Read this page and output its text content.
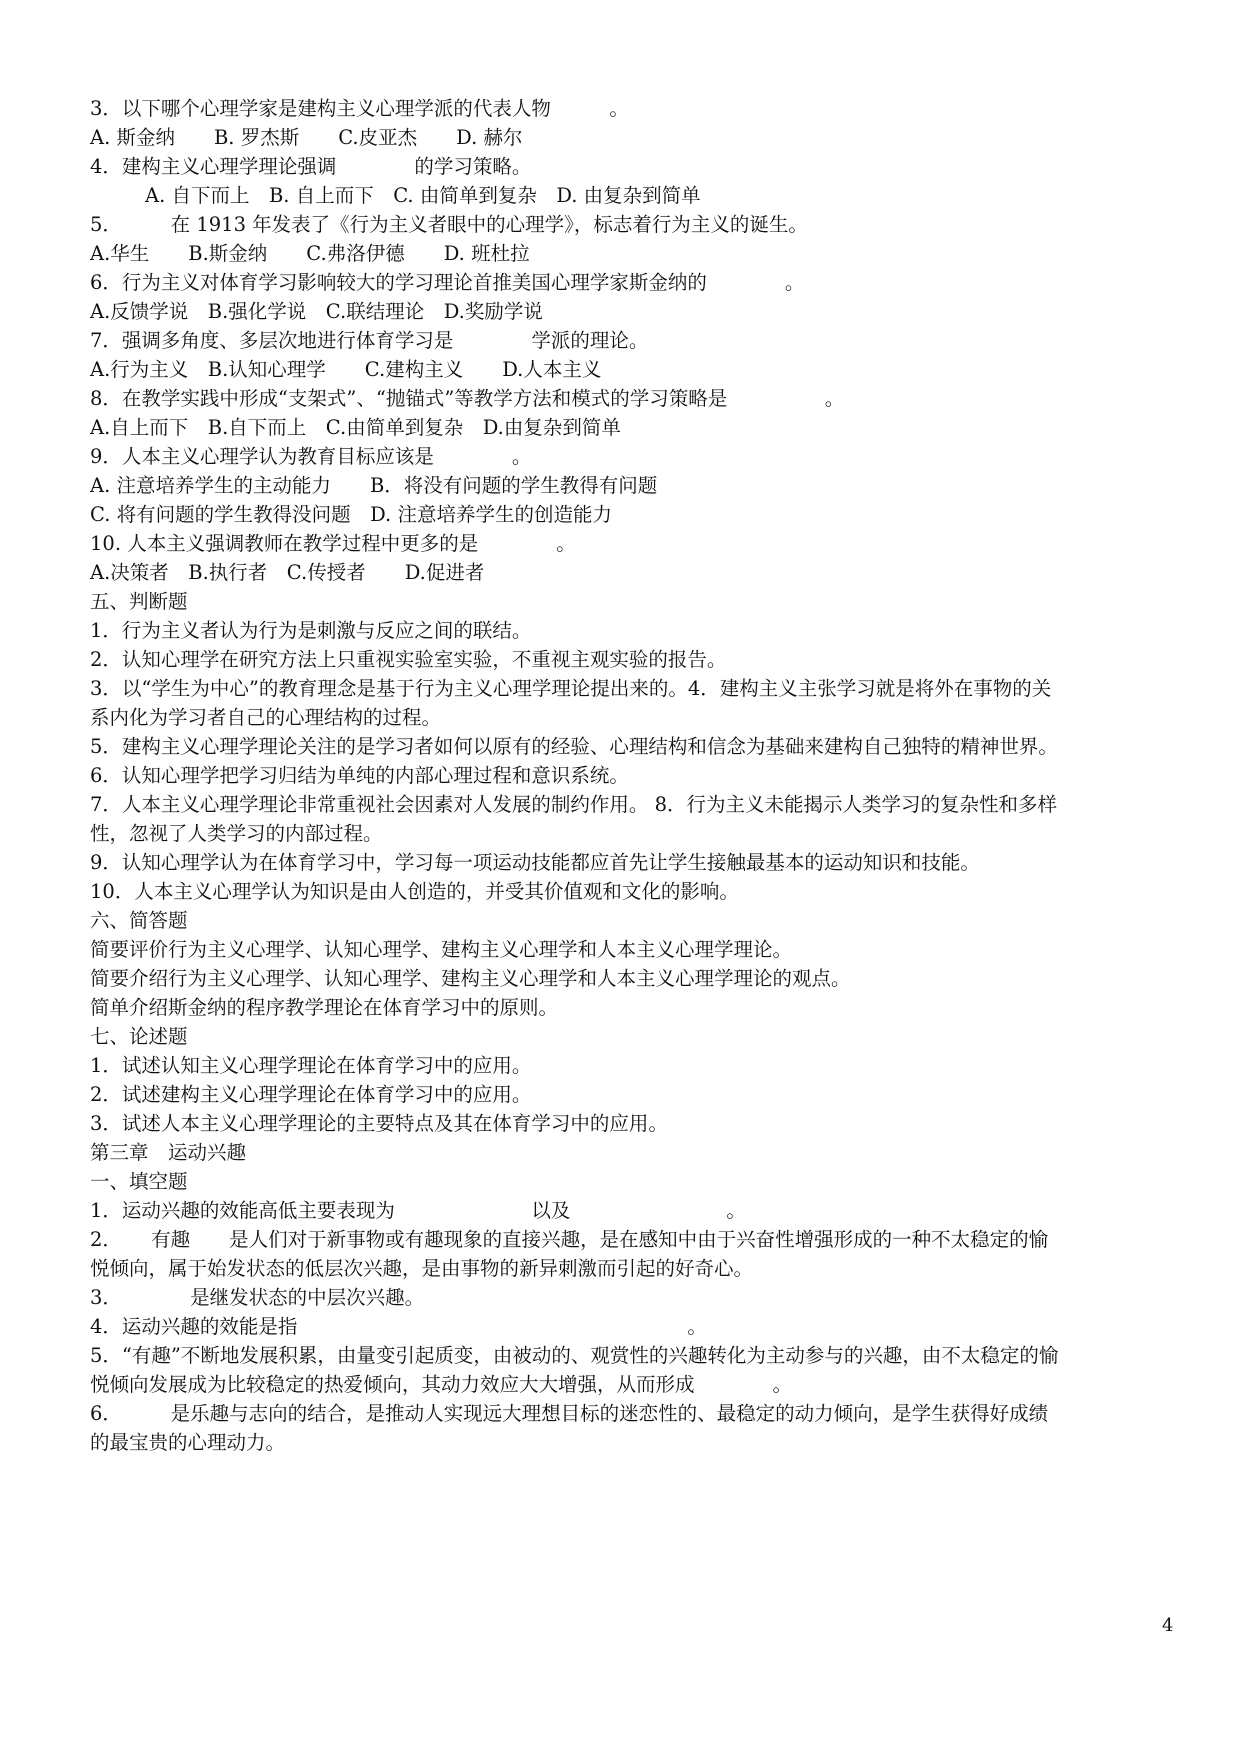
3．以下哪个心理学家是建构主义心理学派的代表人物　　　。
A. 斯金纳　　B. 罗杰斯　　C.皮亚杰　　D. 赫尔
4．建构主义心理学理论强调　　　　的学习策略。
A. 自下而上　B. 自上而下　C. 由简单到复杂　D. 由复杂到简单
5．　　　在 1913 年发表了《行为主义者眼中的心理学》，标志着行为主义的诞生。
A.华生　　B.斯金纳　　C.弗洛伊德　　D. 班杜拉
6．行为主义对体育学习影响较大的学习理论首推美国心理学家斯金纳的　　　　。
A.反馈学说　B.强化学说　C.联结理论　D.奖励学说
7．强调多角度、多层次地进行体育学习是　　　　学派的理论。
A.行为主义　B.认知心理学　　C.建构主义　　D.人本主义
8．在教学实践中形成“支架式”、“抛锚式”等教学方法和模式的学习策略是　　　　　。
A.自上而下　B.自下而上　C.由简单到复杂　D.由复杂到简单
9．人本主义心理学认为教育目标应该是　　　　。
A. 注意培养学生的主动能力　　B．将没有问题的学生教得有问题
C. 将有问题的学生教得没问题　D. 注意培养学生的创造能力
10. 人本主义强调教师在教学过程中更多的是　　　　。
A.决策者　B.执行者　C.传授者　　D.促进者
五、判断题
1．行为主义者认为行为是刺激与反应之间的联结。
2．认知心理学在研究方法上只重视实验室实验，不重视主观实验的报告。
3．以“学生为中心”的教育理念是基于行为主义心理学理论提出来的。4．建构主义主张学习就是将外在事物的关
系内化为学习者自己的心理结构的过程。
5．建构主义心理学理论关注的是学习者如何以原有的经验、心理结构和信念为基础来建构自己独特的精神世界。
6．认知心理学把学习归结为单纯的内部心理过程和意识系统。
7．人本主义心理学理论非常重视社会因素对人发展的制约作用。 8．行为主义未能揭示人类学习的复杂性和多样
性，忽视了人类学习的内部过程。
9．认知心理学认为在体育学习中，学习每一项运动技能都应首先让学生接触最基本的运动知识和技能。
10．人本主义心理学认为知识是由人创造的，并受其价值观和文化的影响。
六、简答题
简要评价行为主义心理学、认知心理学、建构主义心理学和人本主义心理学理论。
简要介绍行为主义心理学、认知心理学、建构主义心理学和人本主义心理学理论的观点。
简单介绍斯金纳的程序教学理论在体育学习中的原则。
七、论述题
1．试述认知主义心理学理论在体育学习中的应用。
2．试述建构主义心理学理论在体育学习中的应用。
3．试述人本主义心理学理论的主要特点及其在体育学习中的应用。
第三章　运动兴趣
一、填空题
1．运动兴趣的效能高低主要表现为　　　　　　　以及　　　　　　　　。
2．　　有趣　　是人们对于新事物或有趣现象的直接兴趣，是在感知中由于兴奋性增强形成的一种不太稳定的愉
悦倾向，属于始发状态的低层次兴趣，是由事物的新异刺激而引起的好奇心。
3．　　　　是继发状态的中层次兴趣。
4．运动兴趣的效能是指　　　　　　　　　　　　　　　　　　　　。
5．“有趣”不断地发展积累，由量变引起质变，由被动的、观赏性的兴趣转化为主动参与的兴趣，由不太稳定的愉
悦倾向发展成为比较稳定的热爱倾向，其动力效应大大增强，从而形成　　　　。
6．　　　是乐趣与志向的结合，是推动人实现远大理想目标的迷恋性的、最稳定的动力倾向，是学生获得好成绩
的最宝贵的心理动力。
4
